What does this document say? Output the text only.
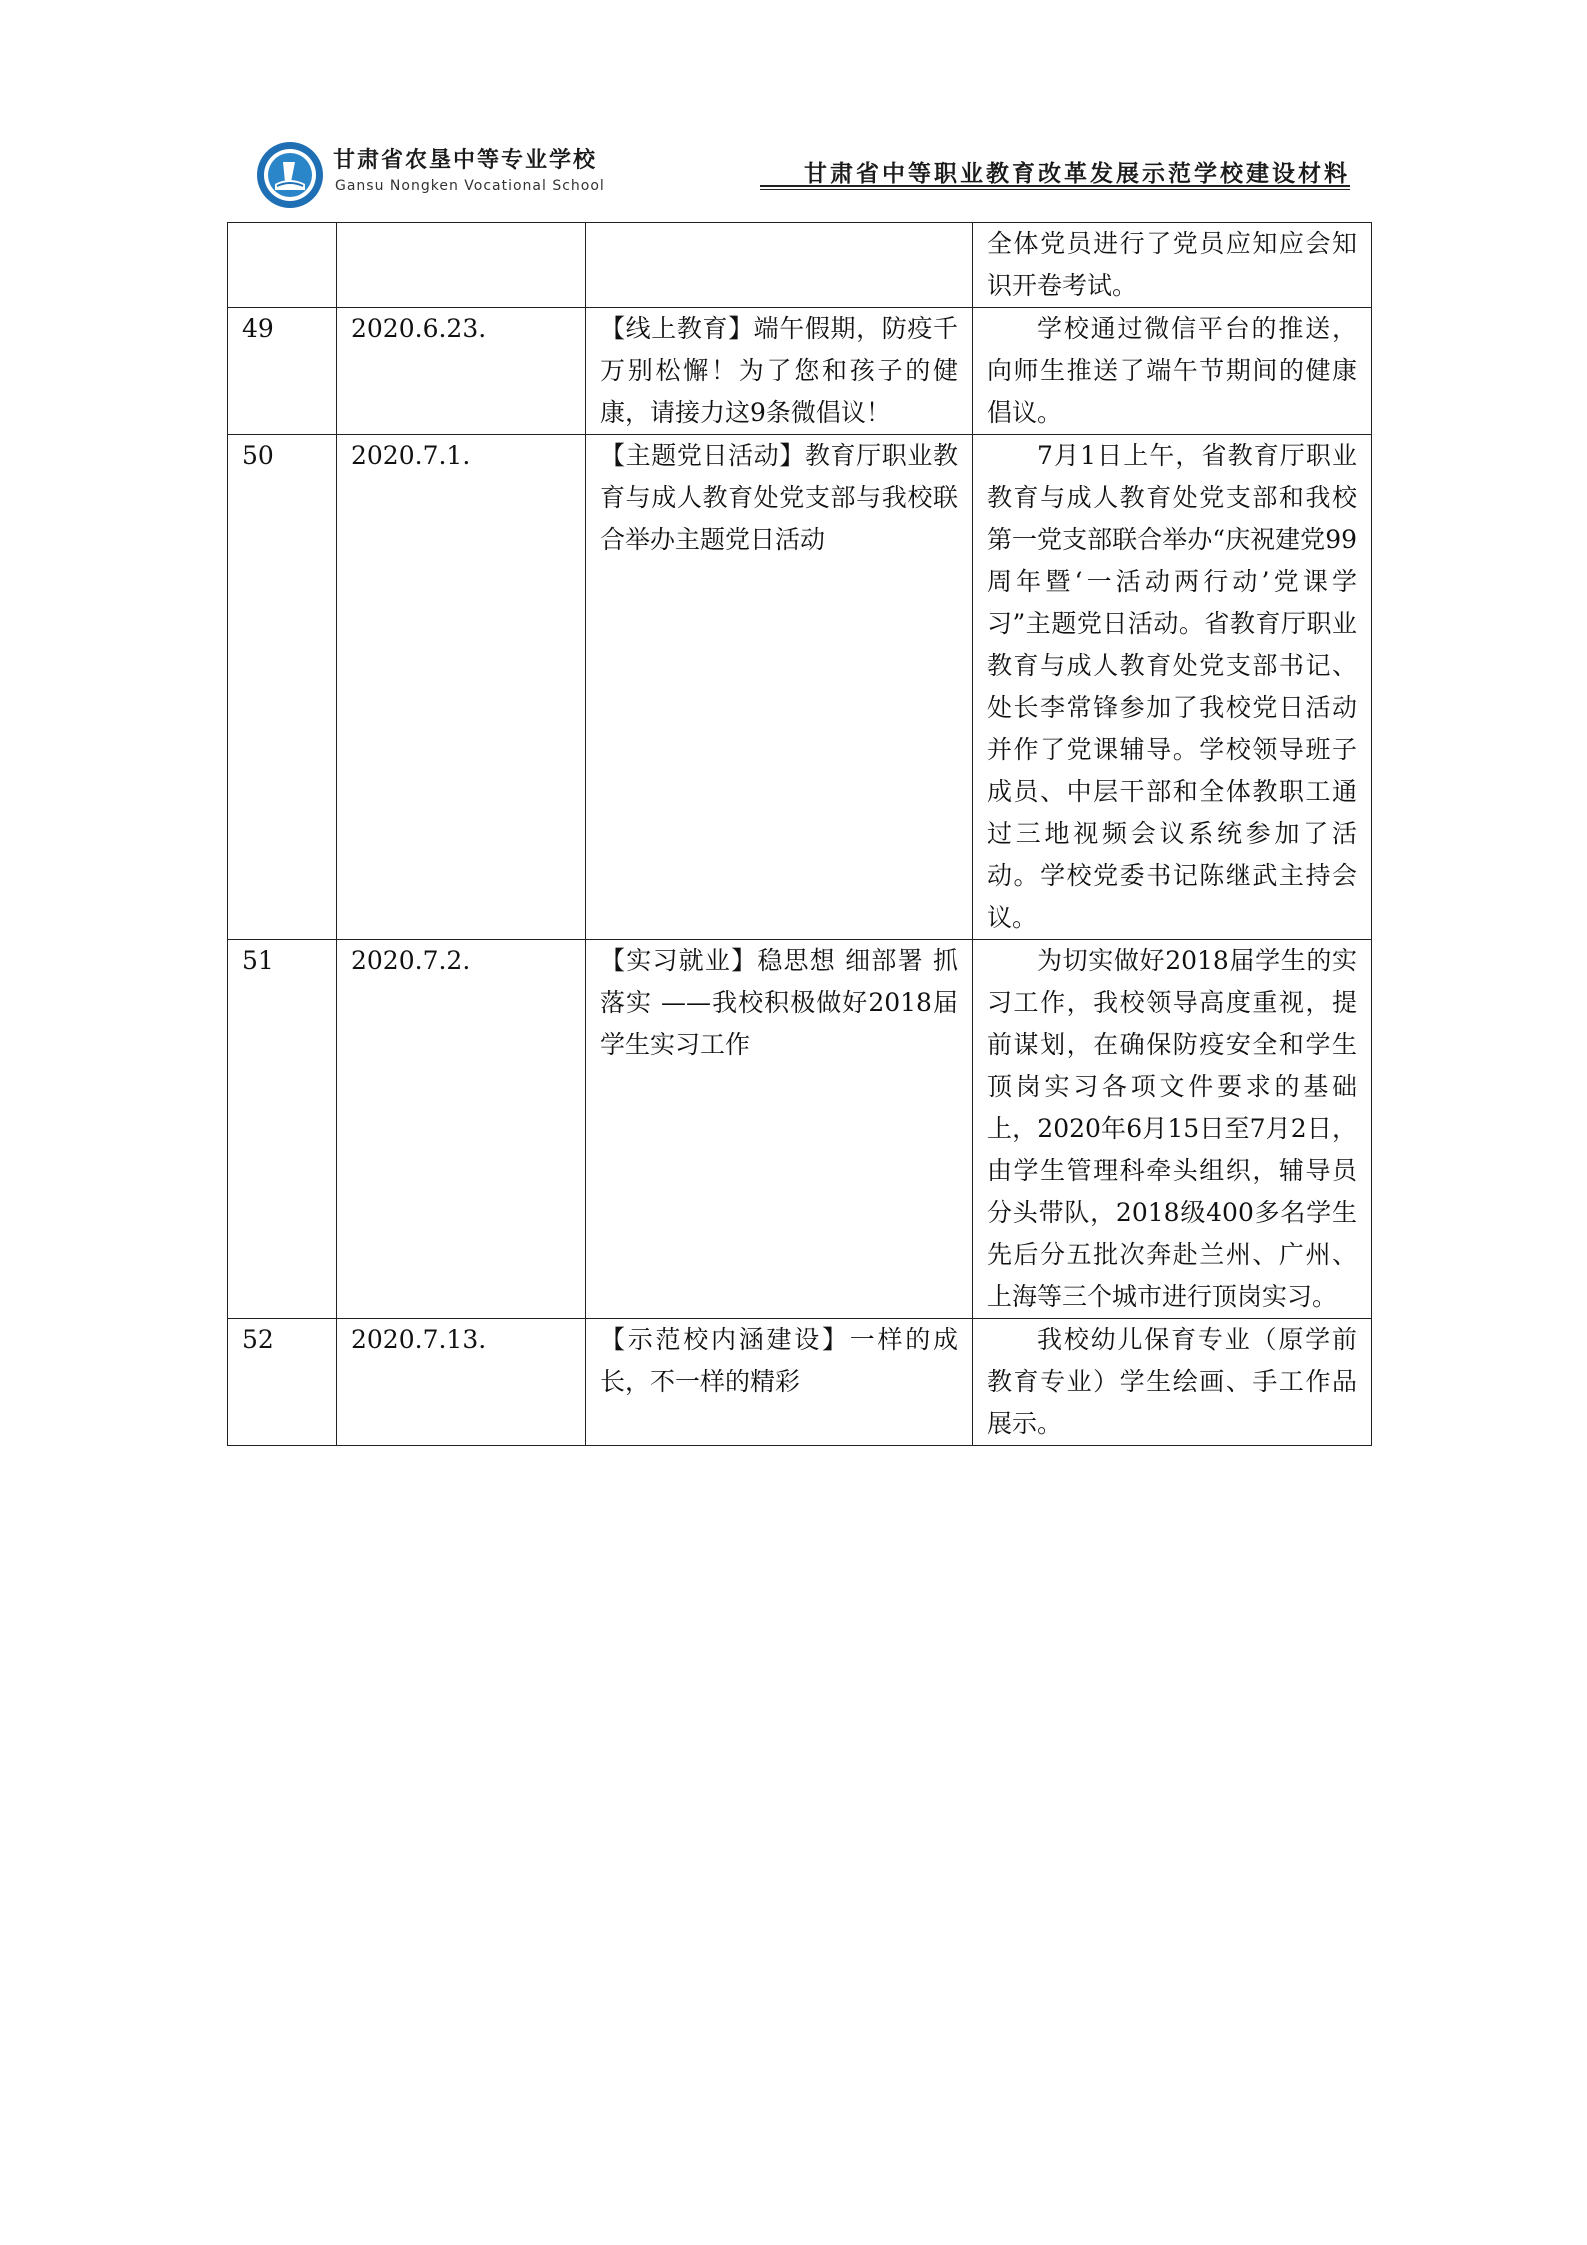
甘肃省农垦中等专业学校
Gansu Nongken Vocational School	甘肃省中等职业教育改革发展示范学校建设材料
			全体党员进行了党员应知应会知识开卷考试。
49	2020.6.23.	【线上教育】端午假期，防疫千万别松懈！为了您和孩子的健康，请接力这9条微倡议！	学校通过微信平台的推送，向师生推送了端午节期间的健康倡议。
50	2020.7.1.	【主题党日活动】教育厅职业教育与成人教育处党支部与我校联合举办主题党日活动	7月1日上午，省教育厅职业教育与成人教育处党支部和我校第一党支部联合举办“庆祝建党99周年暨‘一活动两行动’党课学习”主题党日活动。省教育厅职业教育与成人教育处党支部书记、处长李常锋参加了我校党日活动并作了党课辅导。学校领导班子成员、中层干部和全体教职工通过三地视频会议系统参加了活动。学校党委书记陈继武主持会议。
51	2020.7.2.	【实习就业】稳思想 细部署 抓落实 ——我校积极做好2018届学生实习工作	为切实做好2018届学生的实习工作，我校领导高度重视，提前谋划，在确保防疫安全和学生顶岗实习各项文件要求的基础上，2020年6月15日至7月2日，由学生管理科牵头组织，辅导员分头带队，2018级400多名学生先后分五批次奔赴兰州、广州、上海等三个城市进行顶岗实习。
52	2020.7.13.	【示范校内涵建设】一样的成长，不一样的精彩	我校幼儿保育专业（原学前教育专业）学生绘画、手工作品展示。
